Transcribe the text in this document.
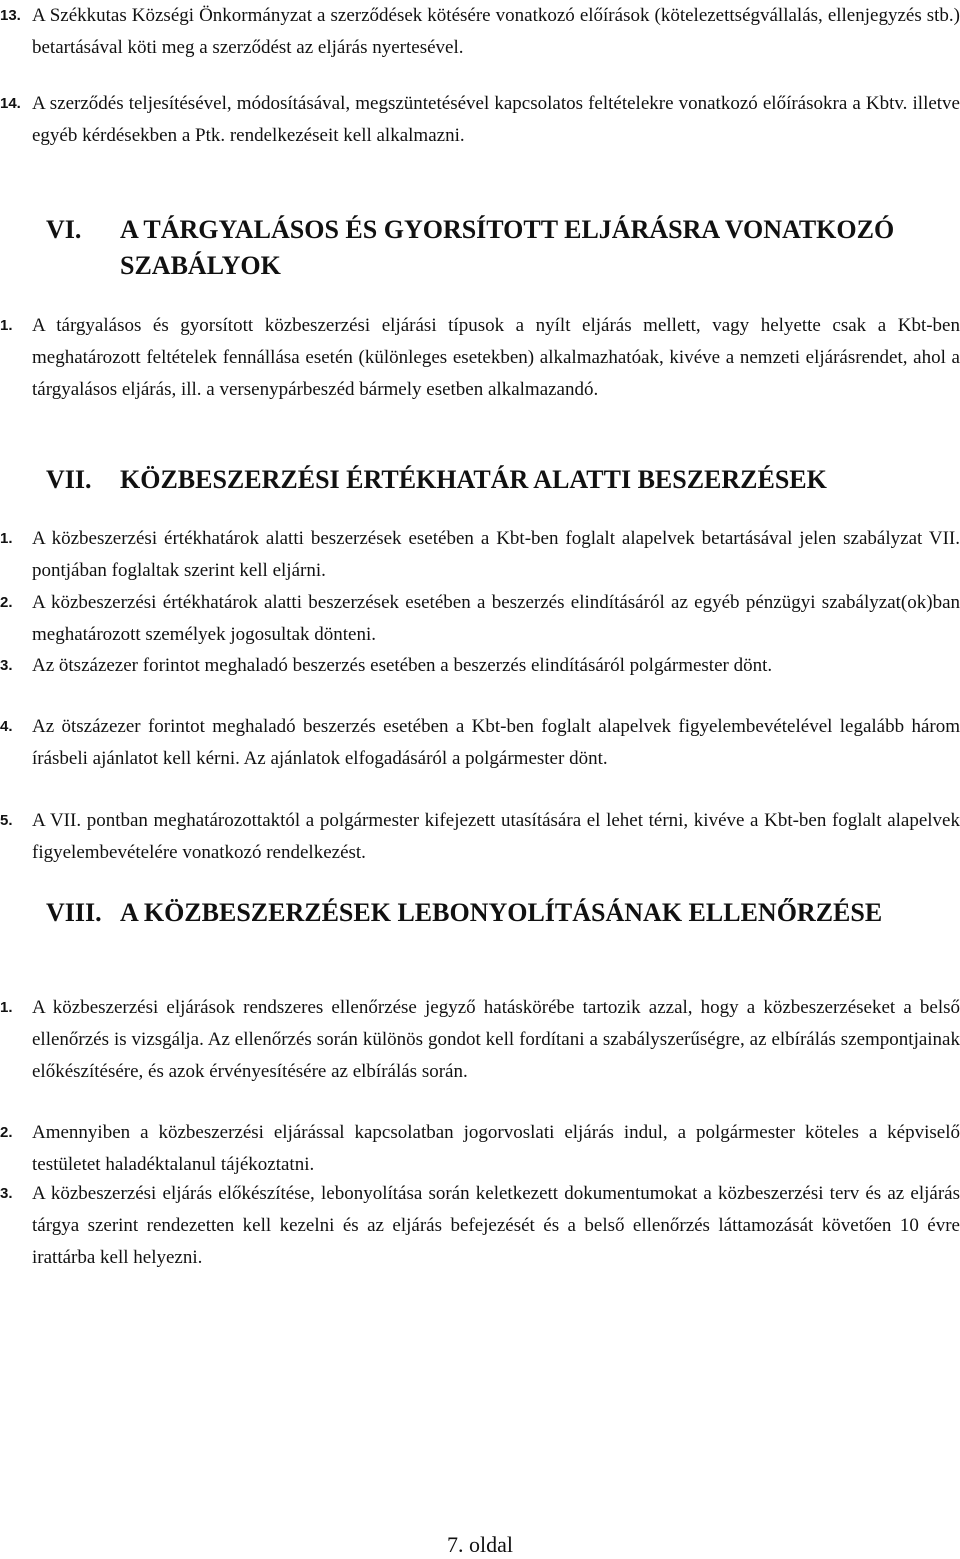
13. A Székkutas Községi Önkormányzat a szerződések kötésére vonatkozó előírások (kötelezettségvállalás, ellenjegyzés stb.) betartásával köti meg a szerződést az eljárás nyertesével.
14. A szerződés teljesítésével, módosításával, megszüntetésével kapcsolatos feltételekre vonatkozó előírásokra a Kbtv. illetve egyéb kérdésekben a Ptk. rendelkezéseit kell alkalmazni.
VI. A TÁRGYALÁSOS ÉS GYORSÍTOTT ELJÁRÁSRA VONATKOZÓ SZABÁLYOK
1. A tárgyalásos és gyorsított közbeszerzési eljárási típusok a nyílt eljárás mellett, vagy helyette csak a Kbt-ben meghatározott feltételek fennállása esetén (különleges esetekben) alkalmazhatóak, kivéve a nemzeti eljárásrendet, ahol a tárgyalásos eljárás, ill. a versenypárbeszéd bármely esetben alkalmazandó.
VII. KÖZBESZERZÉSI ÉRTÉKHATÁR ALATTI BESZERZÉSEK
1. A közbeszerzési értékhatárok alatti beszerzések esetében a Kbt-ben foglalt alapelvek betartásával jelen szabályzat VII. pontjában foglaltak szerint kell eljárni.
2. A közbeszerzési értékhatárok alatti beszerzések esetében a beszerzés elindításáról az egyéb pénzügyi szabályzat(ok)ban meghatározott személyek jogosultak dönteni.
3. Az ötszázezer forintot meghaladó beszerzés esetében a beszerzés elindításáról polgármester dönt.
4. Az ötszázezer forintot meghaladó beszerzés esetében a Kbt-ben foglalt alapelvek figyelembevételével legalább három írásbeli ajánlatot kell kérni. Az ajánlatok elfogadásáról a polgármester dönt.
5. A VII. pontban meghatározottaktól a polgármester kifejezett utasítására el lehet térni, kivéve a Kbt-ben foglalt alapelvek figyelembevételére vonatkozó rendelkezést.
VIII. A KÖZBESZERZÉSEK LEBONYOLÍTÁSÁNAK ELLENŐRZÉSE
1. A közbeszerzési eljárások rendszeres ellenőrzése jegyző hatáskörébe tartozik azzal, hogy a közbeszerzéseket a belső ellenőrzés is vizsgálja. Az ellenőrzés során különös gondot kell fordítani a szabályszerűségre, az elbírálás szempontjainak előkészítésére, és azok érvényesítésére az elbírálás során.
2. Amennyiben a közbeszerzési eljárással kapcsolatban jogorvoslati eljárás indul, a polgármester köteles a képviselő testületet haladéktalanul tájékoztatni.
3. A közbeszerzési eljárás előkészítése, lebonyolítása során keletkezett dokumentumokat a közbeszerzési terv és az eljárás tárgya szerint rendezetten kell kezelni és az eljárás befejezését és a belső ellenőrzés láttamozását követően 10 évre irattárba kell helyezni.
7. oldal
